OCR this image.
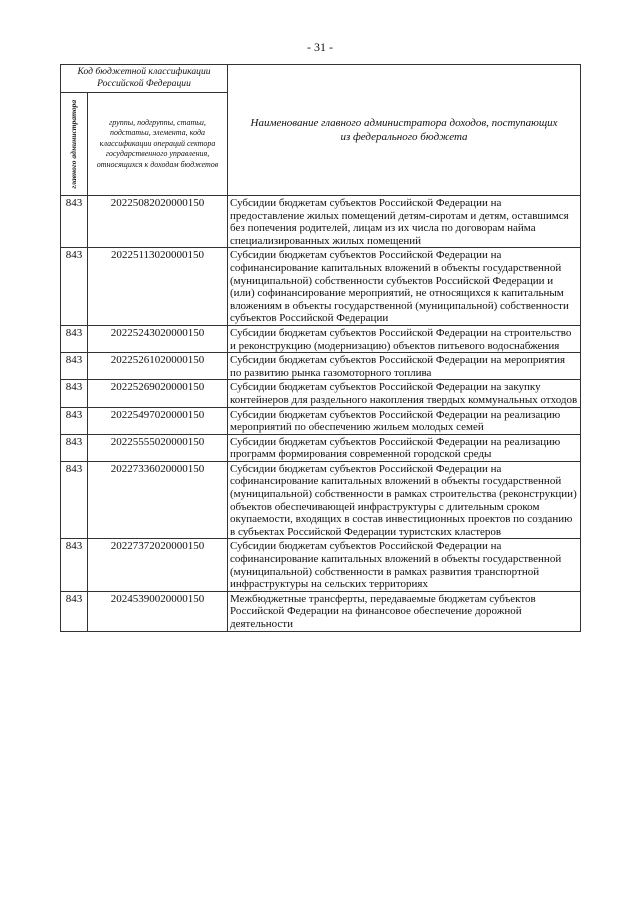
- 31 -
Код бюджетной классификации Российской Федерации		Наименование главного администратора доходов, поступающих из федерального бюджета

главного администратора	группы, подгруппы, статьи, подстатьи, элемента, кода классификации операций сектора государственного управления, относящихся к доходам бюджетов	
843	20225082020000150	Субсидии бюджетам субъектов Российской Федерации на предоставление жилых помещений детям-сиротам и детям, оставшимся без попечения родителей, лицам из их числа по договорам найма специализированных жилых помещений
843	20225113020000150	Субсидии бюджетам субъектов Российской Федерации на софинансирование капитальных вложений в объекты государственной (муниципальной) собственности субъектов Российской Федерации и (или) софинансирование мероприятий, не относящихся к капитальным вложениям в объекты государственной (муниципальной) собственности субъектов Российской Федерации
843	20225243020000150	Субсидии бюджетам субъектов Российской Федерации на строительство и реконструкцию (модернизацию) объектов питьевого водоснабжения
843	20225261020000150	Субсидии бюджетам субъектов Российской Федерации на мероприятия по развитию рынка газомоторного топлива
843	20225269020000150	Субсидии бюджетам субъектов Российской Федерации на закупку контейнеров для раздельного накопления твердых коммунальных отходов
843	20225497020000150	Субсидии бюджетам субъектов Российской Федерации на реализацию мероприятий по обеспечению жильем молодых семей
843	20225555020000150	Субсидии бюджетам субъектов Российской Федерации на реализацию программ формирования современной городской среды
843	20227336020000150	Субсидии бюджетам субъектов Российской Федерации на софинансирование капитальных вложений в объекты государственной (муниципальной) собственности в рамках строительства (реконструкции) объектов обеспечивающей инфраструктуры с длительным сроком окупаемости, входящих в состав инвестиционных проектов по созданию в субъектах Российской Федерации туристских кластеров
843	20227372020000150	Субсидии бюджетам субъектов Российской Федерации на софинансирование капитальных вложений в объекты государственной (муниципальной) собственности в рамках развития транспортной инфраструктуры на сельских территориях
843	20245390020000150	Межбюджетные трансферты, передаваемые бюджетам субъектов Российской Федерации на финансовое обеспечение дорожной деятельности
